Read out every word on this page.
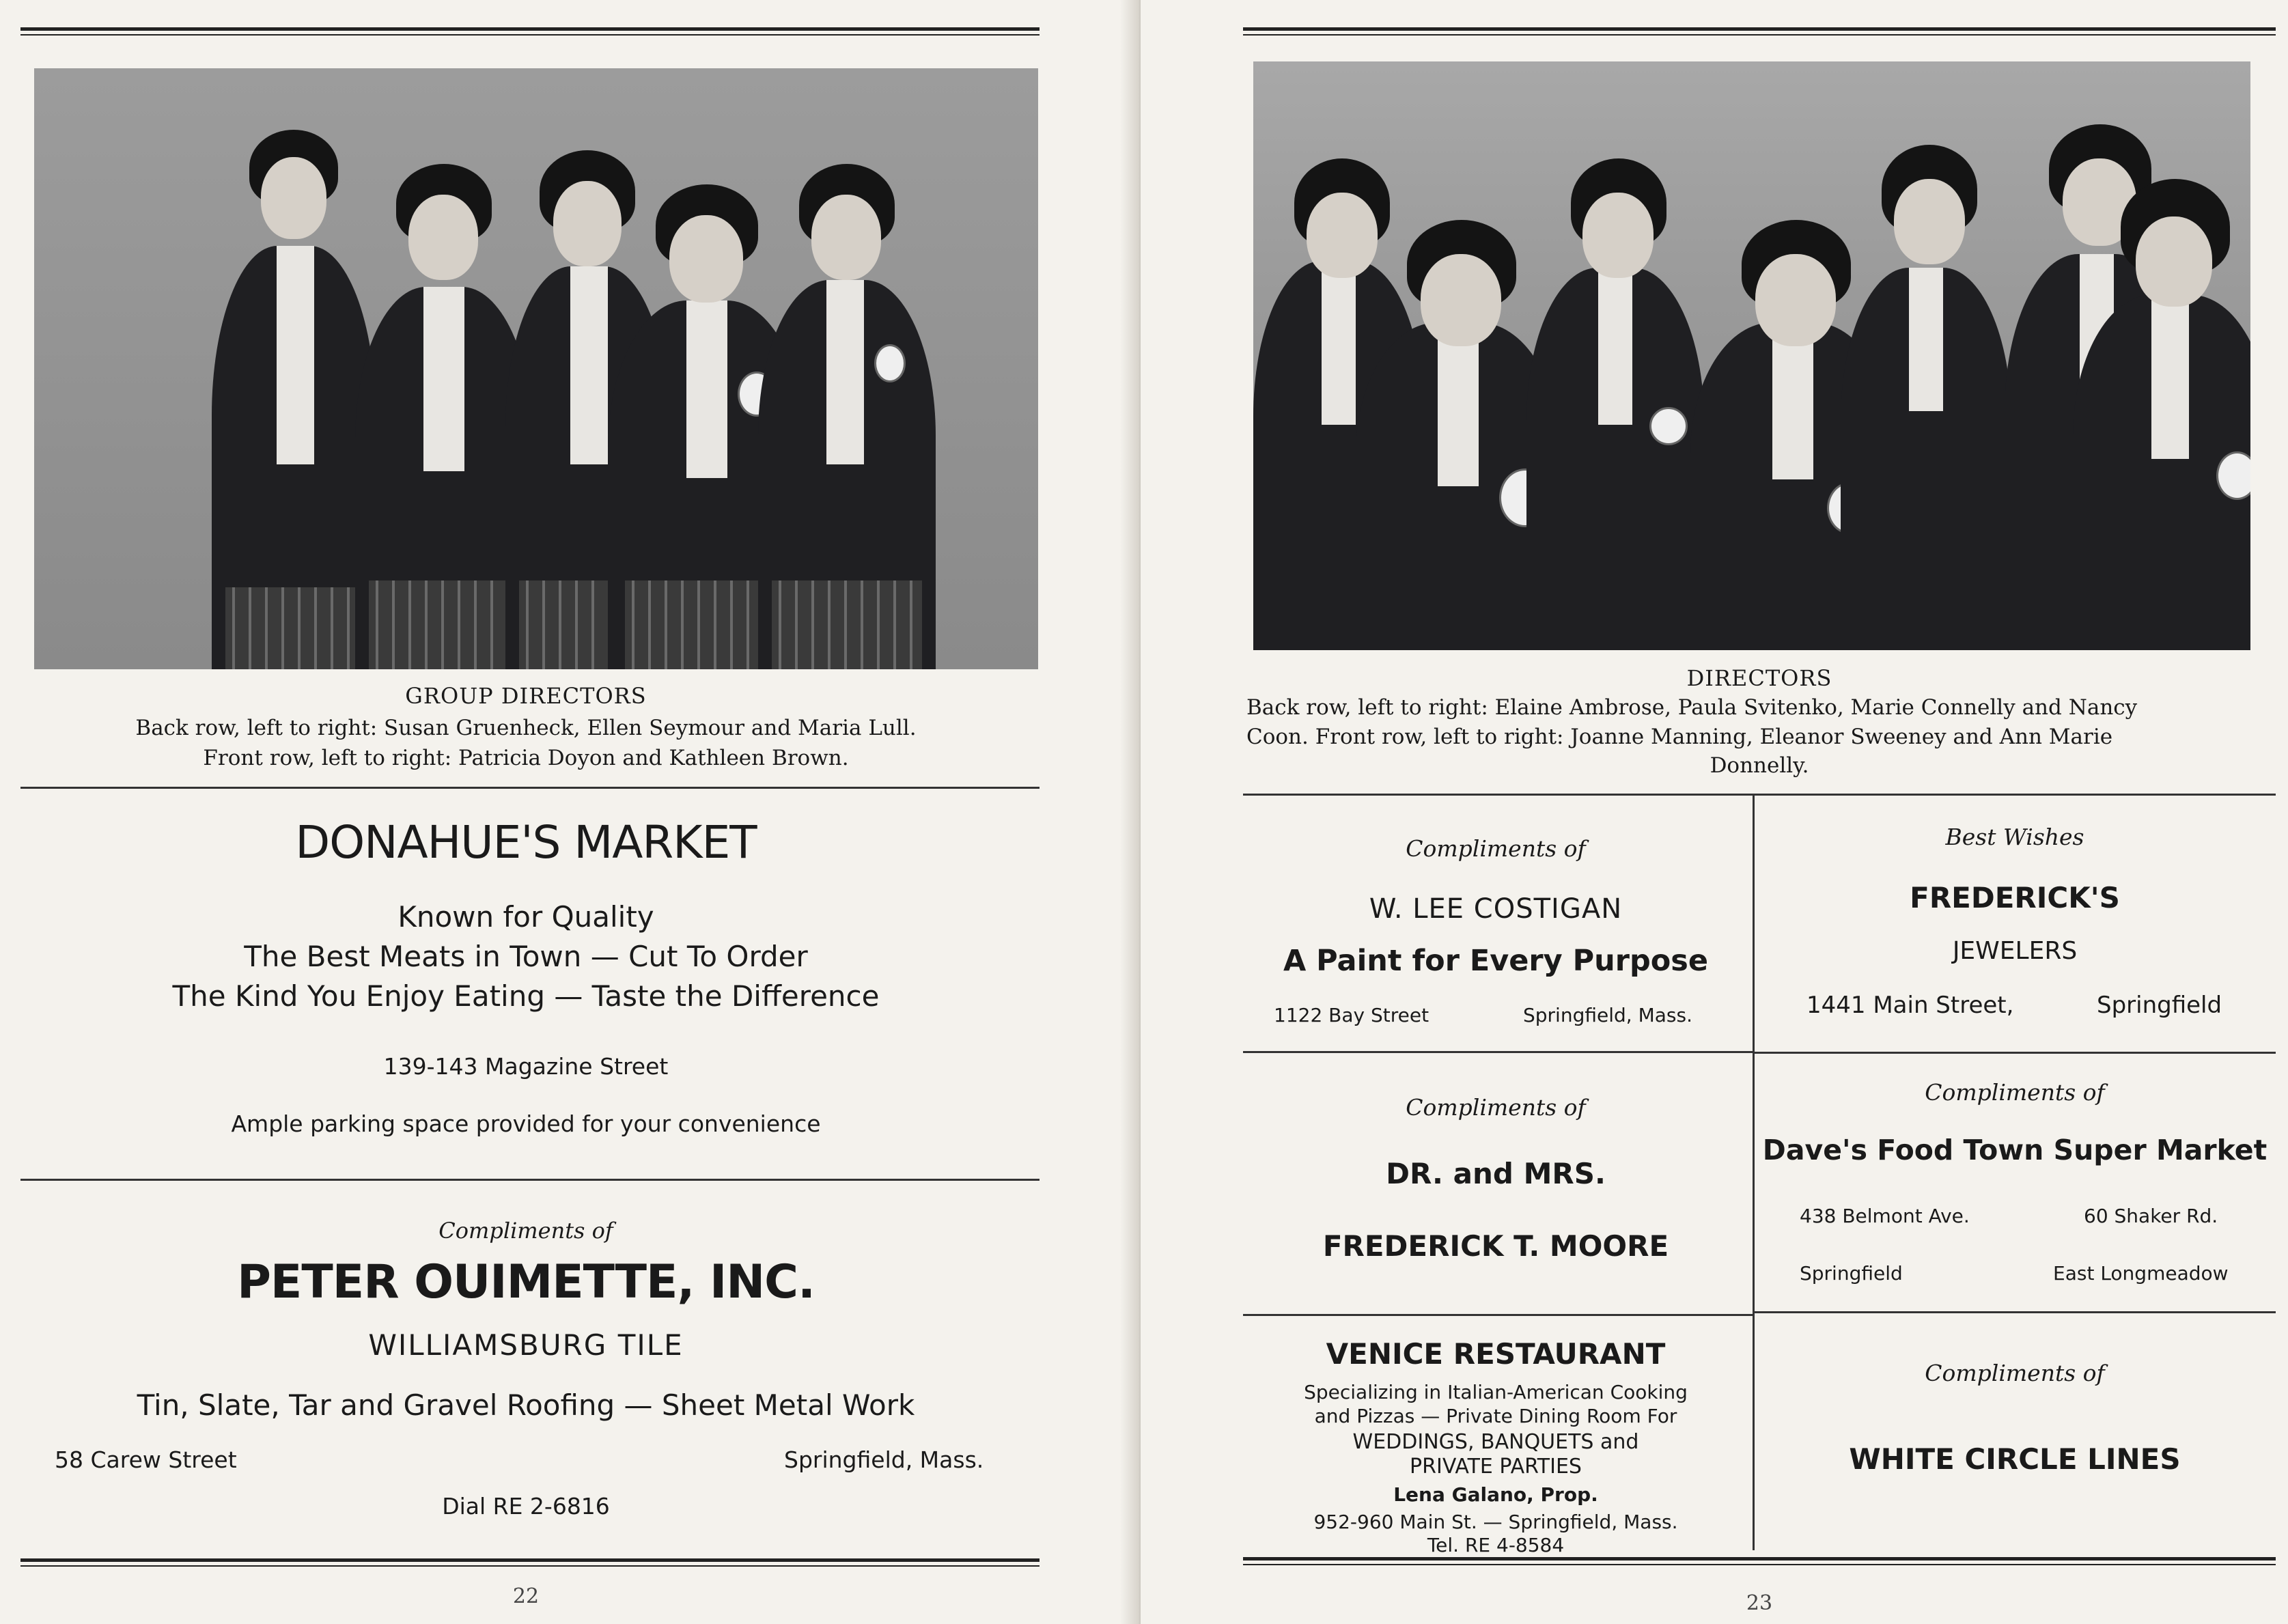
GROUP DIRECTORS
Back row, left to right: Susan Gruenheck, Ellen Seymour and Maria Lull.
Front row, left to right: Patricia Doyon and Kathleen Brown.
DONAHUE'S MARKET
Known for Quality
The Best Meats in Town — Cut To Order
The Kind You Enjoy Eating — Taste the Difference
139-143 Magazine Street
Ample parking space provided for your convenience
Compliments of
PETER OUIMETTE, INC.
WILLIAMSBURG TILE
Tin, Slate, Tar and Gravel Roofing — Sheet Metal Work
58 Carew Street	Springfield, Mass.
Dial RE 2-6816
22
DIRECTORS
Back row, left to right: Elaine Ambrose, Paula Svitenko, Marie Connelly and Nancy
Coon. Front row, left to right: Joanne Manning, Eleanor Sweeney and Ann Marie
Donnelly.
Compliments of
W. LEE COSTIGAN
A Paint for Every Purpose
1122 Bay Street	Springfield, Mass.
Compliments of
DR. and MRS.
FREDERICK T. MOORE
VENICE RESTAURANT
Specializing in Italian-American Cooking
and Pizzas — Private Dining Room For
WEDDINGS, BANQUETS and
PRIVATE PARTIES
Lena Galano, Prop.
952-960 Main St. — Springfield, Mass.
Tel. RE 4-8584
Best Wishes
FREDERICK'S
JEWELERS
1441 Main Street,	Springfield
Compliments of
Dave's Food Town Super Market
438 Belmont Ave.	60 Shaker Rd.
Springfield	East Longmeadow
Compliments of
WHITE CIRCLE LINES
23
